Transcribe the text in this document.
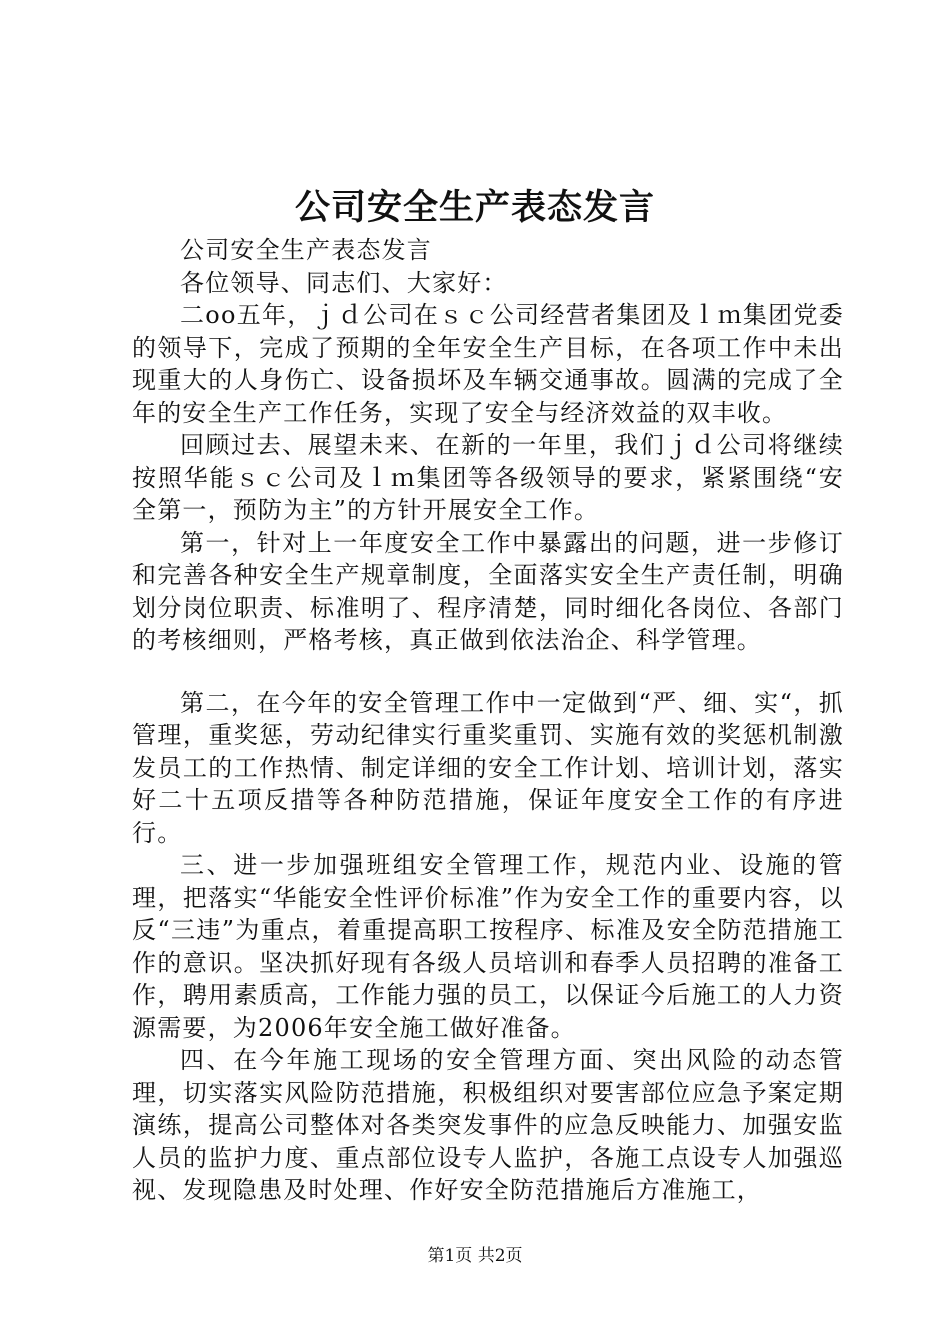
公司安全生产表态发言

公司安全生产表态发言

各位领导、同志们、大家好：

二oo五年，ｊｄ公司在ｓｃ公司经营者集团及ｌｍ集团党委的领导下，完成了预期的全年安全生产目标，在各项工作中未出现重大的人身伤亡、设备损坏及车辆交通事故。圆满的完成了全年的安全生产工作任务，实现了安全与经济效益的双丰收。

回顾过去、展望未来、在新的一年里，我们ｊｄ公司将继续按照华能ｓｃ公司及ｌｍ集团等各级领导的要求，紧紧围绕“安全第一，预防为主”的方针开展安全工作。

第一，针对上一年度安全工作中暴露出的问题，进一步修订和完善各种安全生产规章制度，全面落实安全生产责任制，明确划分岗位职责、标准明了、程序清楚，同时细化各岗位、各部门的考核细则，严格考核，真正做到依法治企、科学管理。

第二，在今年的安全管理工作中一定做到“严、细、实“，抓管理，重奖惩，劳动纪律实行重奖重罚、实施有效的奖惩机制激发员工的工作热情、制定详细的安全工作计划、培训计划，落实好二十五项反措等各种防范措施，保证年度安全工作的有序进行。

三、进一步加强班组安全管理工作，规范内业、设施的管理，把落实“华能安全性评价标准”作为安全工作的重要内容，以反“三违”为重点，着重提高职工按程序、标准及安全防范措施工作的意识。坚决抓好现有各级人员培训和春季人员招聘的准备工作，聘用素质高，工作能力强的员工，以保证今后施工的人力资源需要，为2006年安全施工做好准备。

四、在今年施工现场的安全管理方面、突出风险的动态管理，切实落实风险防范措施，积极组织对要害部位应急予案定期演练，提高公司整体对各类突发事件的应急反映能力、加强安监人员的监护力度、重点部位设专人监护，各施工点设专人加强巡视、发现隐患及时处理、作好安全防范措施后方准施工，

第1页 共2页
